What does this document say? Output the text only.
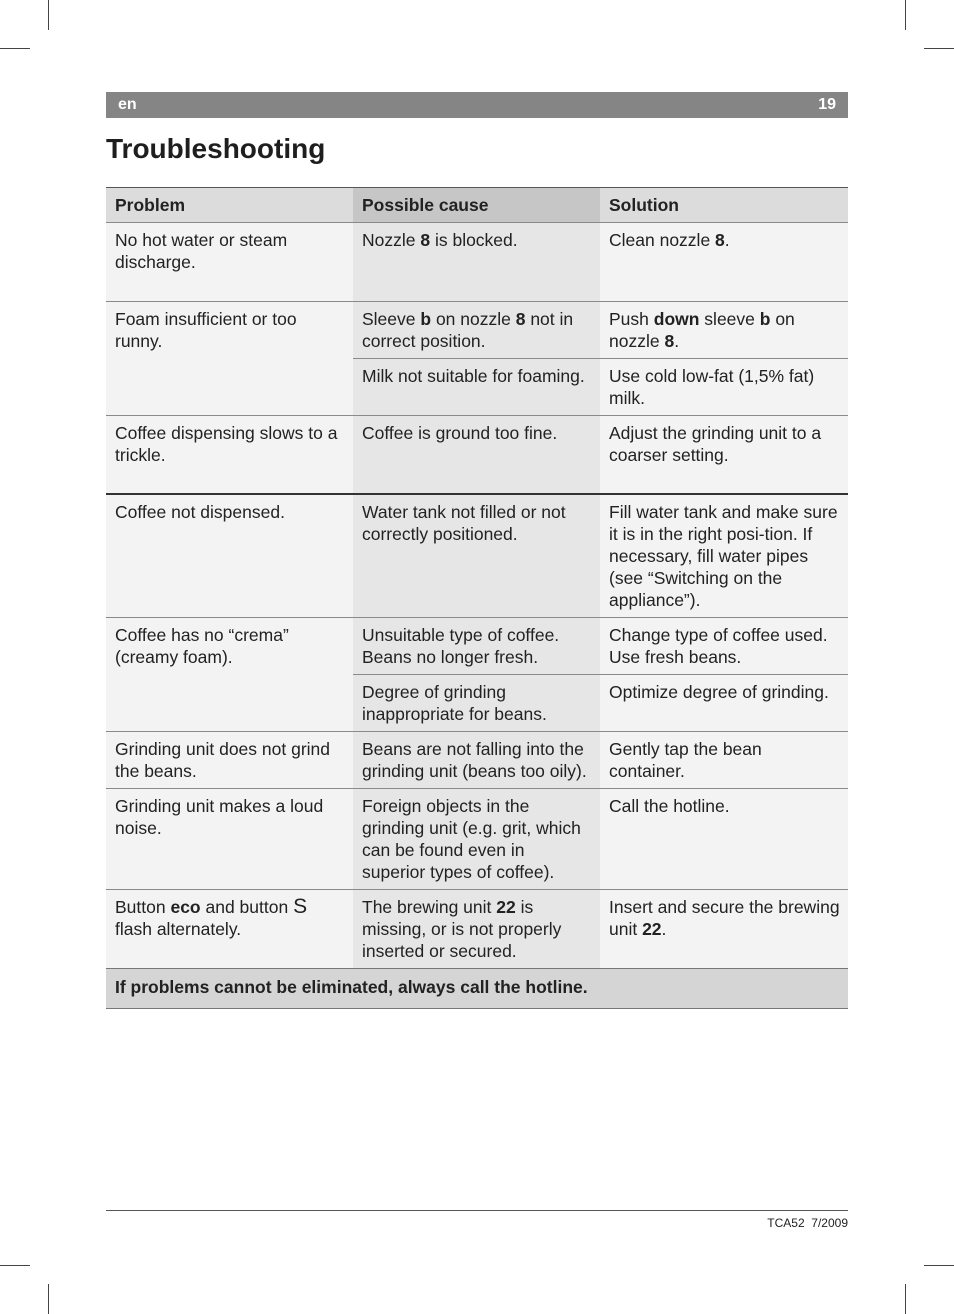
en	19
Troubleshooting
Problem	Possible cause	Solution
No hot water or steam discharge.	Nozzle 8 is blocked.	Clean nozzle 8.
Foam insufficient or too runny.	Sleeve b on nozzle 8 not in correct position.	Push down sleeve b on nozzle 8.
	Milk not suitable for foaming.	Use cold low-fat (1,5% fat) milk.
Coffee dispensing slows to a trickle.	Coffee is ground too fine.	Adjust the grinding unit to a coarser setting.
Coffee not dispensed.	Water tank not filled or not correctly positioned.	Fill water tank and make sure it is in the right posi-tion. If necessary, fill water pipes (see “Switching on the appliance”).
Coffee has no “crema” (creamy foam).	Unsuitable type of coffee. Beans no longer fresh.	Change type of coffee used. Use fresh beans.
	Degree of grinding inappropriate for beans.	Optimize degree of grinding.
Grinding unit does not grind the beans.	Beans are not falling into the grinding unit (beans too oily).	Gently tap the bean container.
Grinding unit makes a loud noise.	Foreign objects in the grinding unit (e.g. grit, which can be found even in superior types of coffee).	Call the hotline.
Button eco and button S flash alternately.	The brewing unit 22 is missing, or is not properly inserted or secured.	Insert and secure the brewing unit 22.
If problems cannot be eliminated, always call the hotline.		
TCA52 7/2009
